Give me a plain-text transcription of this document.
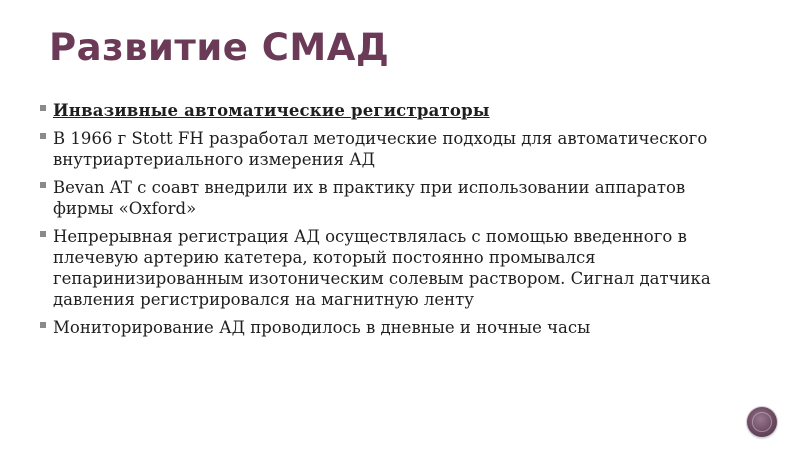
Развитие СМАД
Инвазивные автоматические регистраторы
В 1966 г Stott FH разработал методические подходы для автоматического внутриартериального измерения АД
Bevan AT с соавт внедрили их в практику при использовании аппаратов фирмы «Oxford»
Непрерывная регистрация АД осуществлялась с помощью введенного в плечевую артерию катетера, который постоянно промывался гепаринизированным изотоническим солевым раствором. Сигнал датчика давления регистрировался на магнитную ленту
Мониторирование АД проводилось в дневные и ночные часы
